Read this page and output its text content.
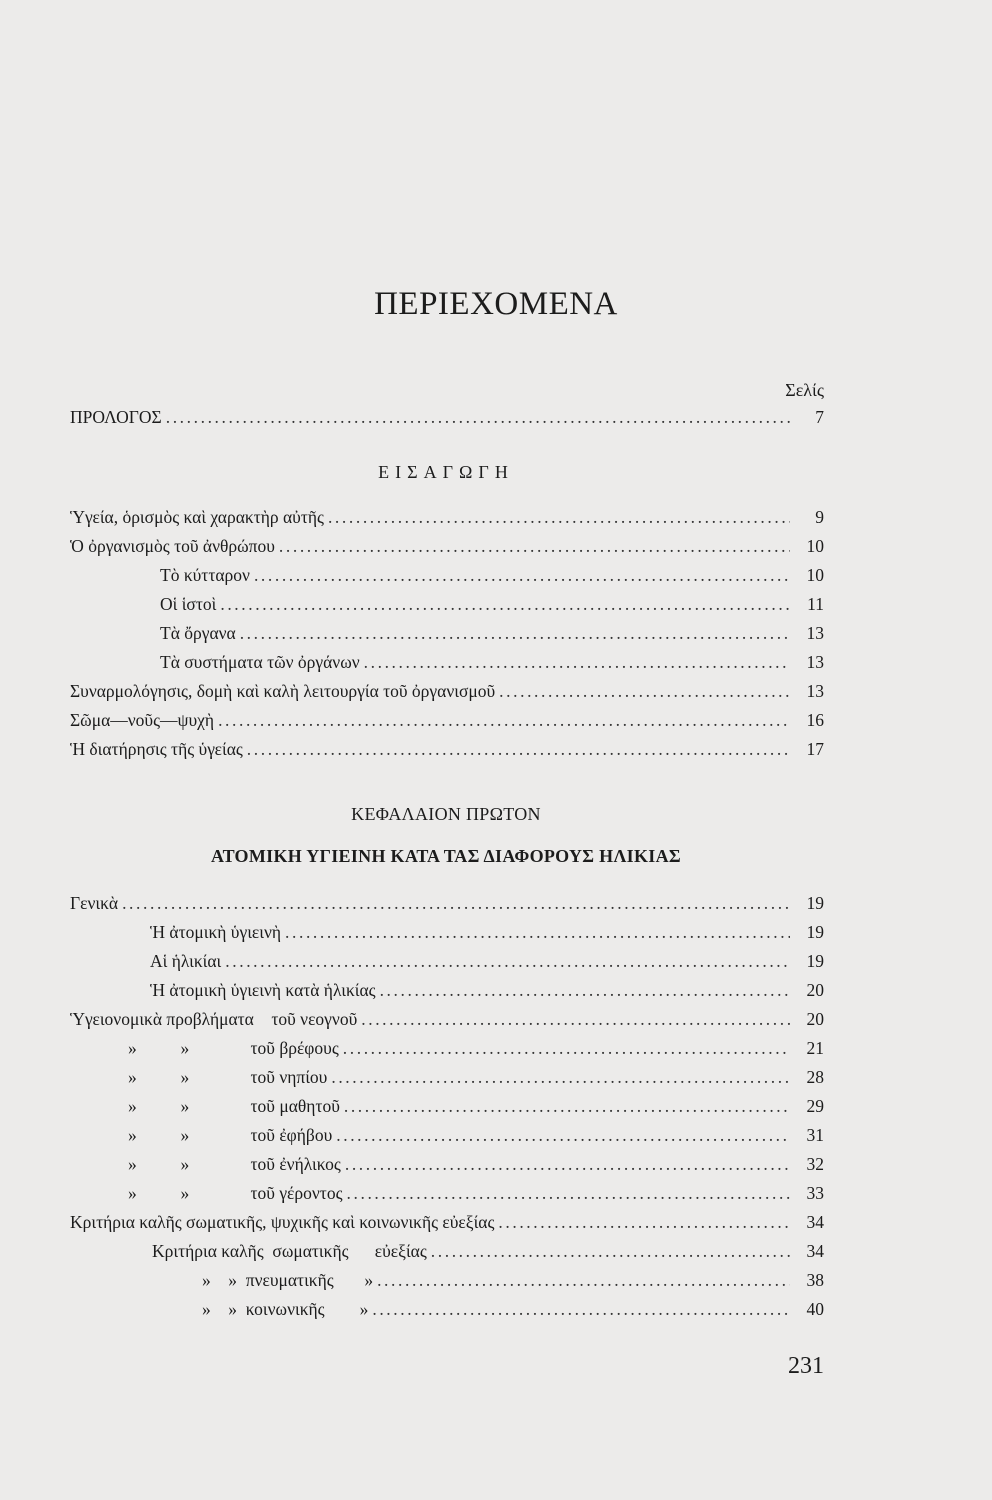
ΠΕΡΙΕΧΟΜΕΝΑ
Σελίς
ΠΡΟΛΟΓΟΣ .....	7
ΕΙΣΑΓΩΓΗ
Ὑγεία, ὁρισμὸς καὶ χαρακτὴρ αὐτῆς .....	9
Ὁ ὀργανισμὸς τοῦ ἀνθρώπου .....	10
Τὸ κύτταρον .....	10
Οἱ ἱστοὶ .....	11
Τὰ ὄργανα .....	13
Τὰ συστήματα τῶν ὀργάνων .....	13
Συναρμολόγησις, δομὴ καὶ καλὴ λειτουργία τοῦ ὀργανισμοῦ .....	13
Σῶμα—νοῦς—ψυχὴ .....	16
Ἡ διατήρησις τῆς ὑγείας .....	17
ΚΕΦΑΛΑΙΟΝ ΠΡΩΤΟΝ
ΑΤΟΜΙΚΗ ΥΓΙΕΙΝΗ ΚΑΤΑ ΤΑΣ ΔΙΑΦΟΡΟΥΣ ΗΛΙΚΙΑΣ
Γενικὰ .....	19
Ἡ ἀτομικὴ ὑγιεινὴ .....	19
Αἱ ἡλικίαι .....	19
Ἡ ἀτομικὴ ὑγιεινὴ κατὰ ἡλικίας .....	20
Ὑγειονομικὰ προβλήματα    τοῦ νεογνοῦ .....	20
»          »              τοῦ βρέφους .....	21
»          »              τοῦ νηπίου .....	28
»          »              τοῦ μαθητοῦ .....	29
»          »              τοῦ ἐφήβου .....	31
»          »              τοῦ ἐνήλικος .....	32
»          »              τοῦ γέροντος .....	33
Κριτήρια καλῆς σωματικῆς, ψυχικῆς καὶ κοινωνικῆς εὐεξίας .....	34
Κριτήρια καλῆς  σωματικῆς      εὐεξίας .....	34
»    »  πνευματικῆς       » .....	38
»    »  κοινωνικῆς        » .....	40
231
